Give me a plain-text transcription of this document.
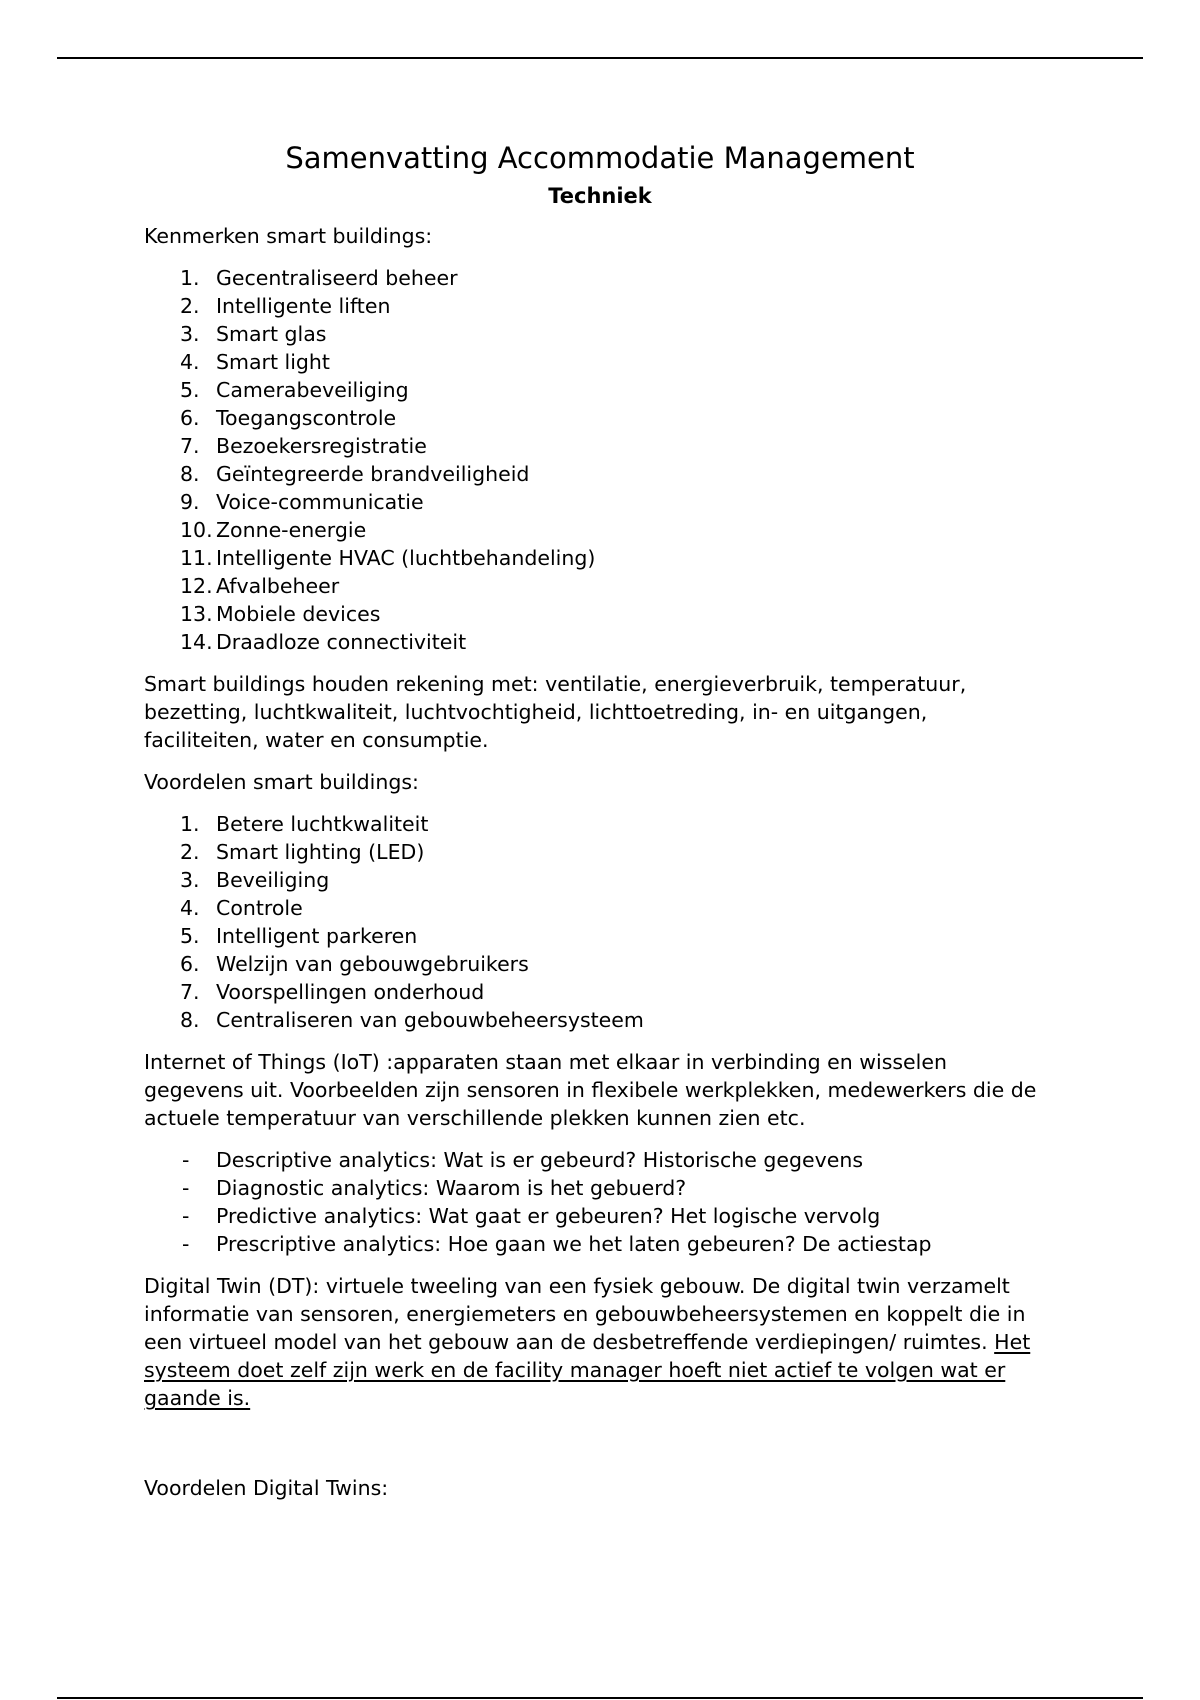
Samenvatting Accommodatie Management
Techniek

Kenmerken smart buildings:

1. Gecentraliseerd beheer
2. Intelligente liften
3. Smart glas
4. Smart light
5. Camerabeveiliging
6. Toegangscontrole
7. Bezoekersregistratie
8. Geïntegreerde brandveiligheid
9. Voice-communicatie
10. Zonne-energie
11. Intelligente HVAC (luchtbehandeling)
12. Afvalbeheer
13. Mobiele devices
14. Draadloze connectiviteit

Smart buildings houden rekening met: ventilatie, energieverbruik, temperatuur, bezetting, luchtkwaliteit, luchtvochtigheid, lichttoetreding, in- en uitgangen, faciliteiten, water en consumptie.

Voordelen smart buildings:

1. Betere luchtkwaliteit
2. Smart lighting (LED)
3. Beveiliging
4. Controle
5. Intelligent parkeren
6. Welzijn van gebouwgebruikers
7. Voorspellingen onderhoud
8. Centraliseren van gebouwbeheersysteem

Internet of Things (IoT) :apparaten staan met elkaar in verbinding en wisselen gegevens uit. Voorbeelden zijn sensoren in flexibele werkplekken, medewerkers die de actuele temperatuur van verschillende plekken kunnen zien etc.

-	Descriptive analytics: Wat is er gebeurd? Historische gegevens
-	Diagnostic analytics: Waarom is het gebuerd?
-	Predictive analytics: Wat gaat er gebeuren? Het logische vervolg
-	Prescriptive analytics: Hoe gaan we het laten gebeuren? De actiestap

Digital Twin (DT): virtuele tweeling van een fysiek gebouw. De digital twin verzamelt informatie van sensoren, energiemeters en gebouwbeheersystemen en koppelt die in een virtueel model van het gebouw aan de desbetreffende verdiepingen/ ruimtes. Het systeem doet zelf zijn werk en de facility manager hoeft niet actief te volgen wat er gaande is.

Voordelen Digital Twins:
